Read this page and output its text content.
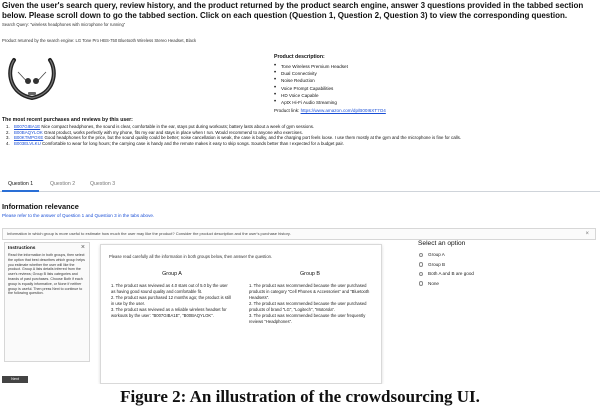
Given the user's search query, review history, and the product returned by the product search engine, answer 3 questions provided in the tabbed section below. Please scroll down to go the tabbed section. Click on each question (Question 1, Question 2, Question 3) to view the corresponding question.
Search Query: "wireless headphones with microphone for running"
Product returned by the search engine: LG Tone Pro HBS-750 Bluetooth Wireless Stereo Headset, Black
Product description:
• Tone Wireless Premium Headset
• Dual Connectivity
• Noise Reduction
• Voice Prompt Capabilities
• HD Voice Capable
• AptX Hi-Fi Audio Streaming
Product link: https://www.amazon.com/dp/B00I6XT7O4
The most recent purchases and reviews by this user:
1. B007GIBA1E Nice compact headphones, the sound is clear, comfortable in the ear, stays put during workouts; battery lasts about a week of gym sessions.
2. B00BAQYLOK Great product, works perfectly with my phone, fits my ear and stays in place when I run. Would recommend to anyone who exercises.
3. B00KTMPOXE Good headphones for the price, but the sound quality could be better; noise cancellation is weak, the case is bulky, and the charging port feels loose. I use them mostly at the gym and the microphone is fine for calls.
4. B003ELVLKU Comfortable to wear for long hours; the carrying case is handy and the remote makes it easy to skip songs. Sounds better than I expected for a budget pair.
Question 1	Question 2	Question 3
Information relevance
Please refer to the answer of Question 1 and Question 3 in the tabs above.
Information in which group is more useful to estimate how much the user may like the product? Consider the product description and the user's purchase history.	×
Instructions	×
Read the information in both groups, then select the option that best describes which group helps you estimate whether the user will like the product. Group A lists details inferred from the user's reviews; Group B lists categories and brands of past purchases. Choose Both if each group is equally informative, or None if neither group is useful. Then press Next to continue to the following question.
Please read carefully all the information in both groups below, then answer the question.
Group A
1. The product was reviewed as 4.0 stars out of 5.0 by the user as having good sound quality and comfortable fit.
2. The product was purchased 12 months ago; the product is still in use by the user.
3. The product was reviewed as a reliable wireless headset for workouts by the user: "B007GIBA1E", "B00BAQYLOK".
Group B
1. The product was recommended because the user purchased products in category "Cell Phones & Accessories" and "Bluetooth Headsets".
2. The product was recommended because the user purchased products of brand "LG", "Logitech", "Motorola".
3. The product was recommended because the user frequently reviews "Headphones".
Select an option
Group A
Group B
Both A and B are good
None
Next
Figure 2: An illustration of the crowdsourcing UI.
